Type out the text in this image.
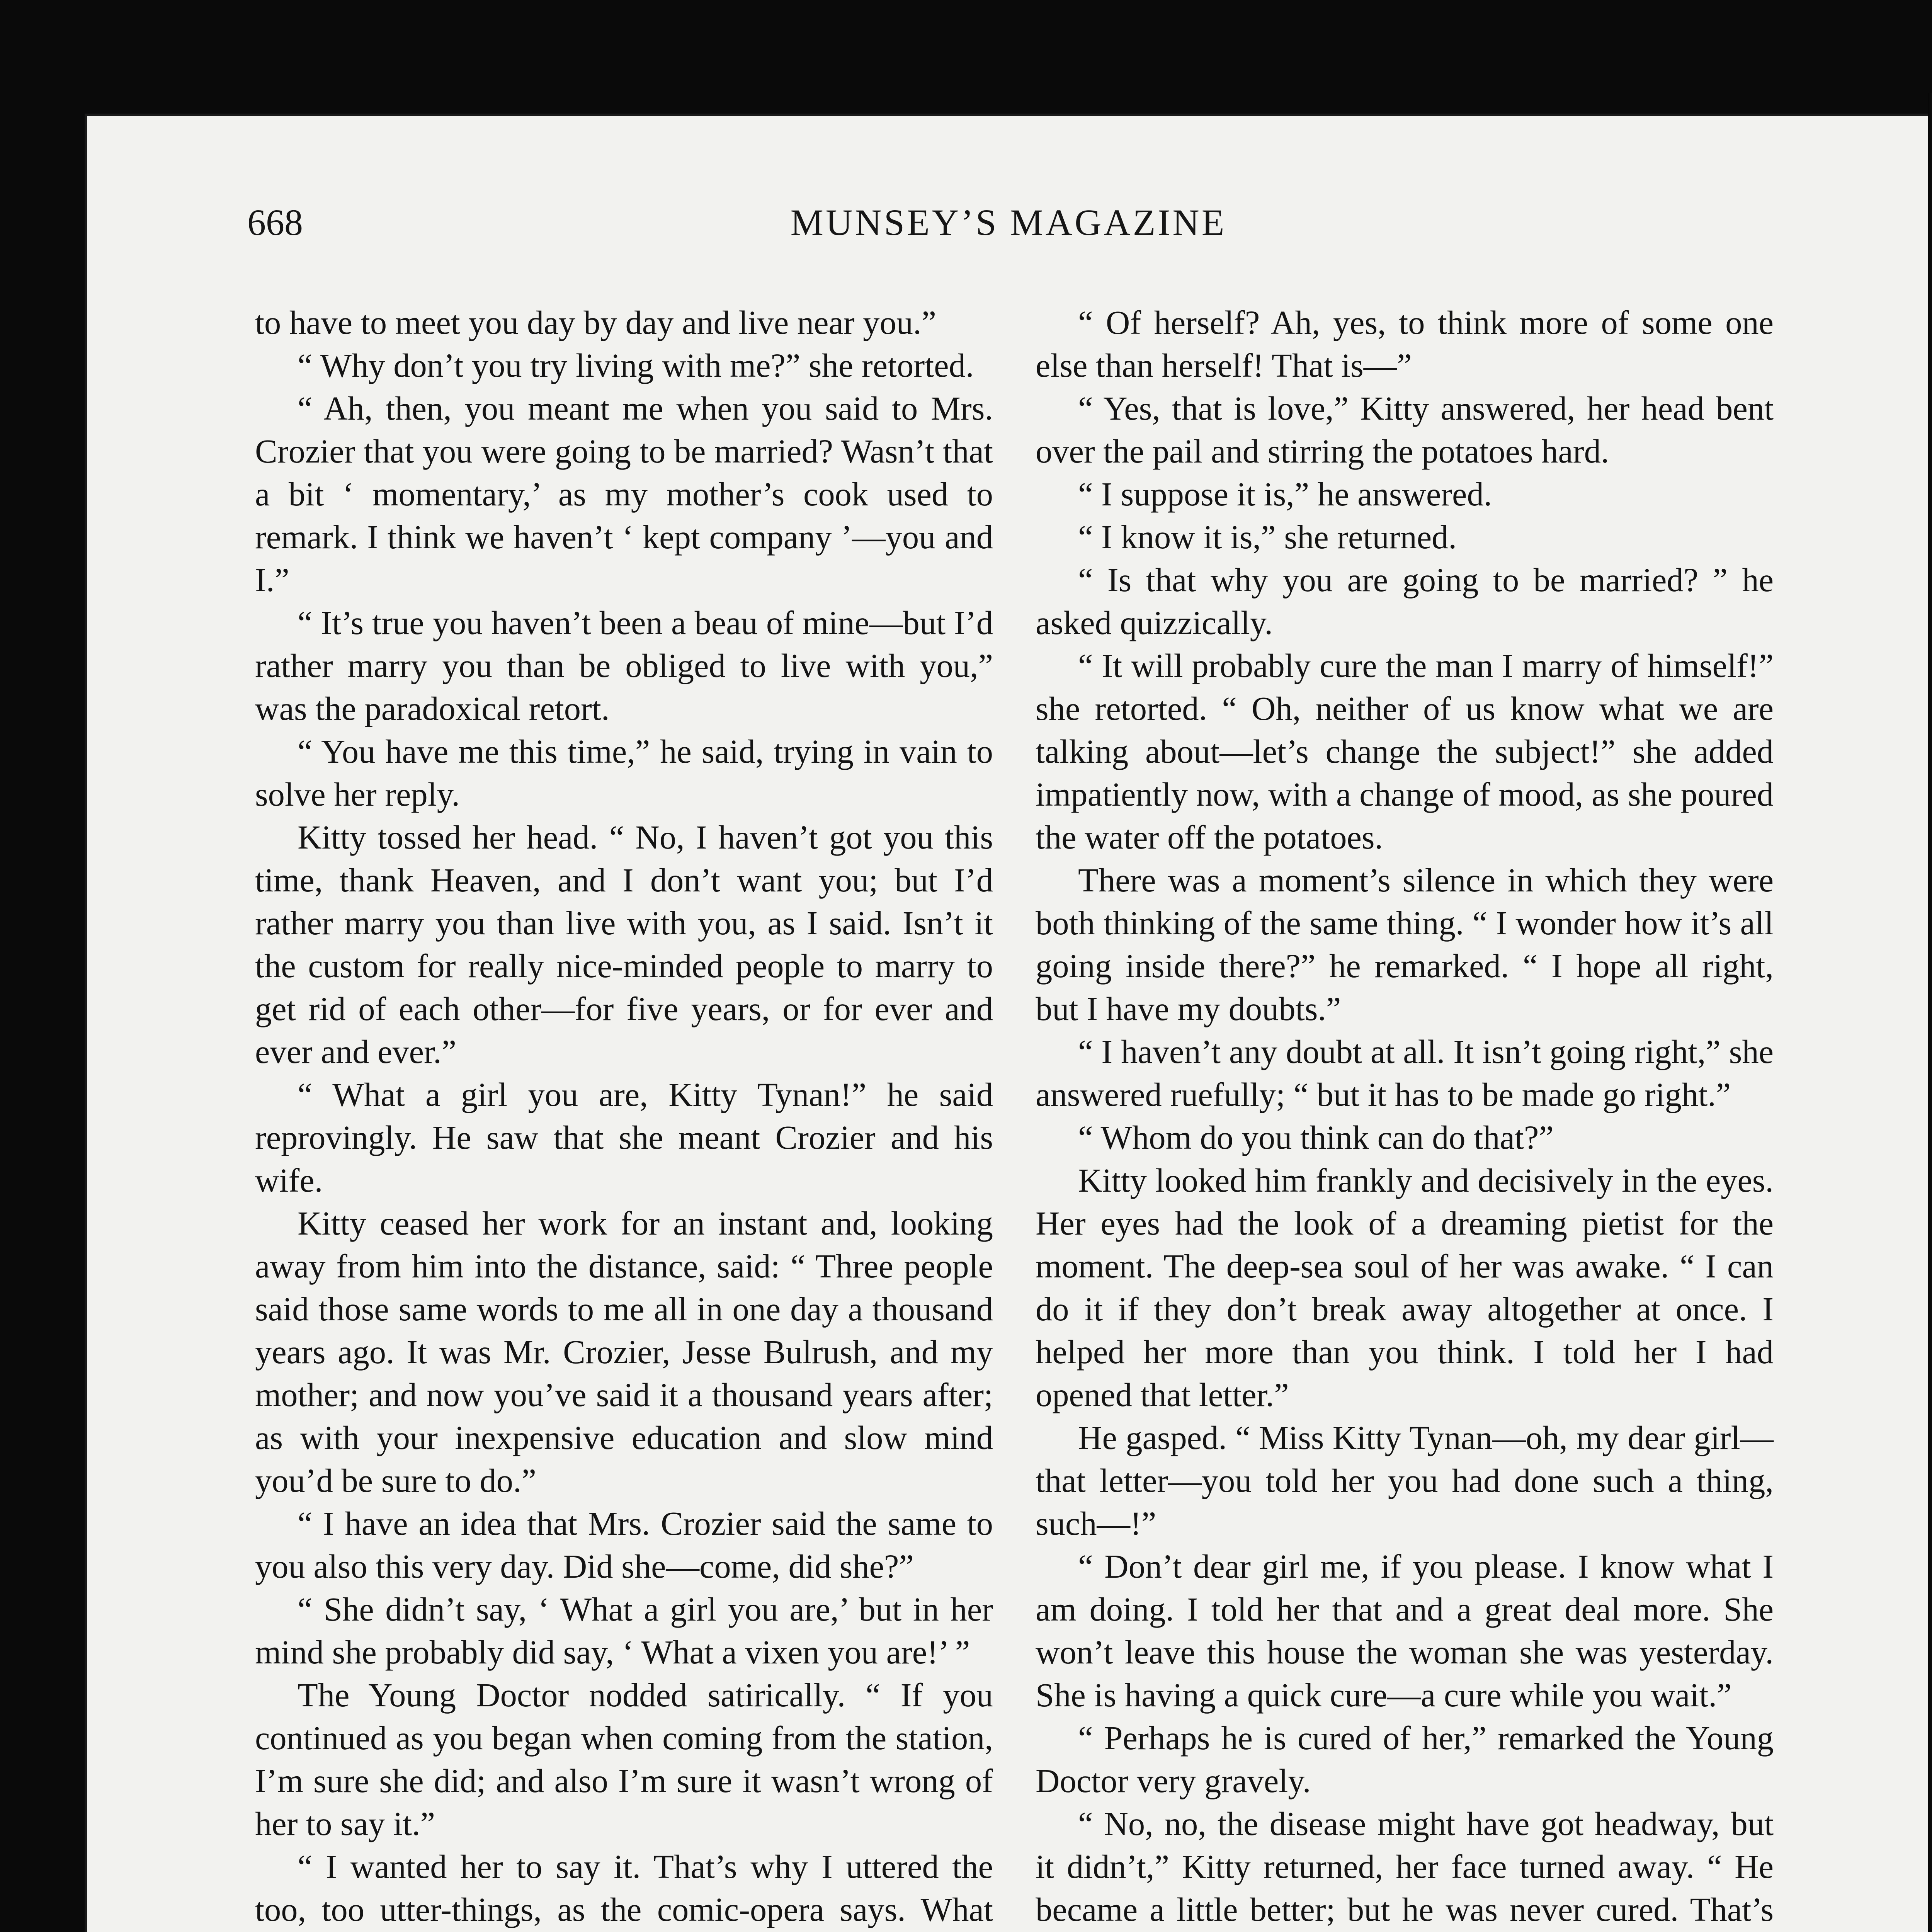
668	MUNSEY’S MAGAZINE

to have to meet you day by day and live near you.”

“ Why don’t you try living with me?” she retorted.

“ Ah, then, you meant me when you said to Mrs. Crozier that you were going to be married? Wasn’t that a bit ‘ momentary,’ as my mother’s cook used to remark. I think we haven’t ‘ kept company ’—you and I.”

“ It’s true you haven’t been a beau of mine—but I’d rather marry you than be obliged to live with you,” was the paradoxical retort.

“ You have me this time,” he said, trying in vain to solve her reply.

Kitty tossed her head. “ No, I haven’t got you this time, thank Heaven, and I don’t want you; but I’d rather marry you than live with you, as I said. Isn’t it the custom for really nice-minded people to marry to get rid of each other—for five years, or for ever and ever and ever.”

“ What a girl you are, Kitty Tynan!” he said reprovingly. He saw that she meant Crozier and his wife.

Kitty ceased her work for an instant and, looking away from him into the distance, said: “ Three people said those same words to me all in one day a thousand years ago. It was Mr. Crozier, Jesse Bulrush, and my mother; and now you’ve said it a thousand years after; as with your inexpensive education and slow mind you’d be sure to do.”

“ I have an idea that Mrs. Crozier said the same to you also this very day. Did she—come, did she?”

“ She didn’t say, ‘ What a girl you are,’ but in her mind she probably did say, ‘ What a vixen you are!’ ”

The Young Doctor nodded satirically. “ If you continued as you began when coming from the station, I’m sure she did; and also I’m sure it wasn’t wrong of her to say it.”

“ I wanted her to say it. That’s why I uttered the too, too utter-things, as the comic-opera says. What

“ Of herself? Ah, yes, to think more of some one else than herself! That is—”

“ Yes, that is love,” Kitty answered, her head bent over the pail and stirring the potatoes hard.

“ I suppose it is,” he answered.

“ I know it is,” she returned.

“ Is that why you are going to be married? ” he asked quizzically.

“ It will probably cure the man I marry of himself!” she retorted. “ Oh, neither of us know what we are talking about—let’s change the subject!” she added impatiently now, with a change of mood, as she poured the water off the potatoes.

There was a moment’s silence in which they were both thinking of the same thing. “ I wonder how it’s all going inside there?” he remarked. “ I hope all right, but I have my doubts.”

“ I haven’t any doubt at all. It isn’t going right,” she answered ruefully; “ but it has to be made go right.”

“ Whom do you think can do that?”

Kitty looked him frankly and decisively in the eyes. Her eyes had the look of a dreaming pietist for the moment. The deep-sea soul of her was awake. “ I can do it if they don’t break away altogether at once. I helped her more than you think. I told her I had opened that letter.”

He gasped. “ Miss Kitty Tynan—oh, my dear girl—that letter—you told her you had done such a thing, such—!”

“ Don’t dear girl me, if you please. I know what I am doing. I told her that and a great deal more. She won’t leave this house the woman she was yesterday. She is having a quick cure—a cure while you wait.”

“ Perhaps he is cured of her,” remarked the Young Doctor very gravely.

“ No, no, the disease might have got headway, but it didn’t,” Kitty returned, her face turned away. “ He became a little better; but he was never cured. That’s
